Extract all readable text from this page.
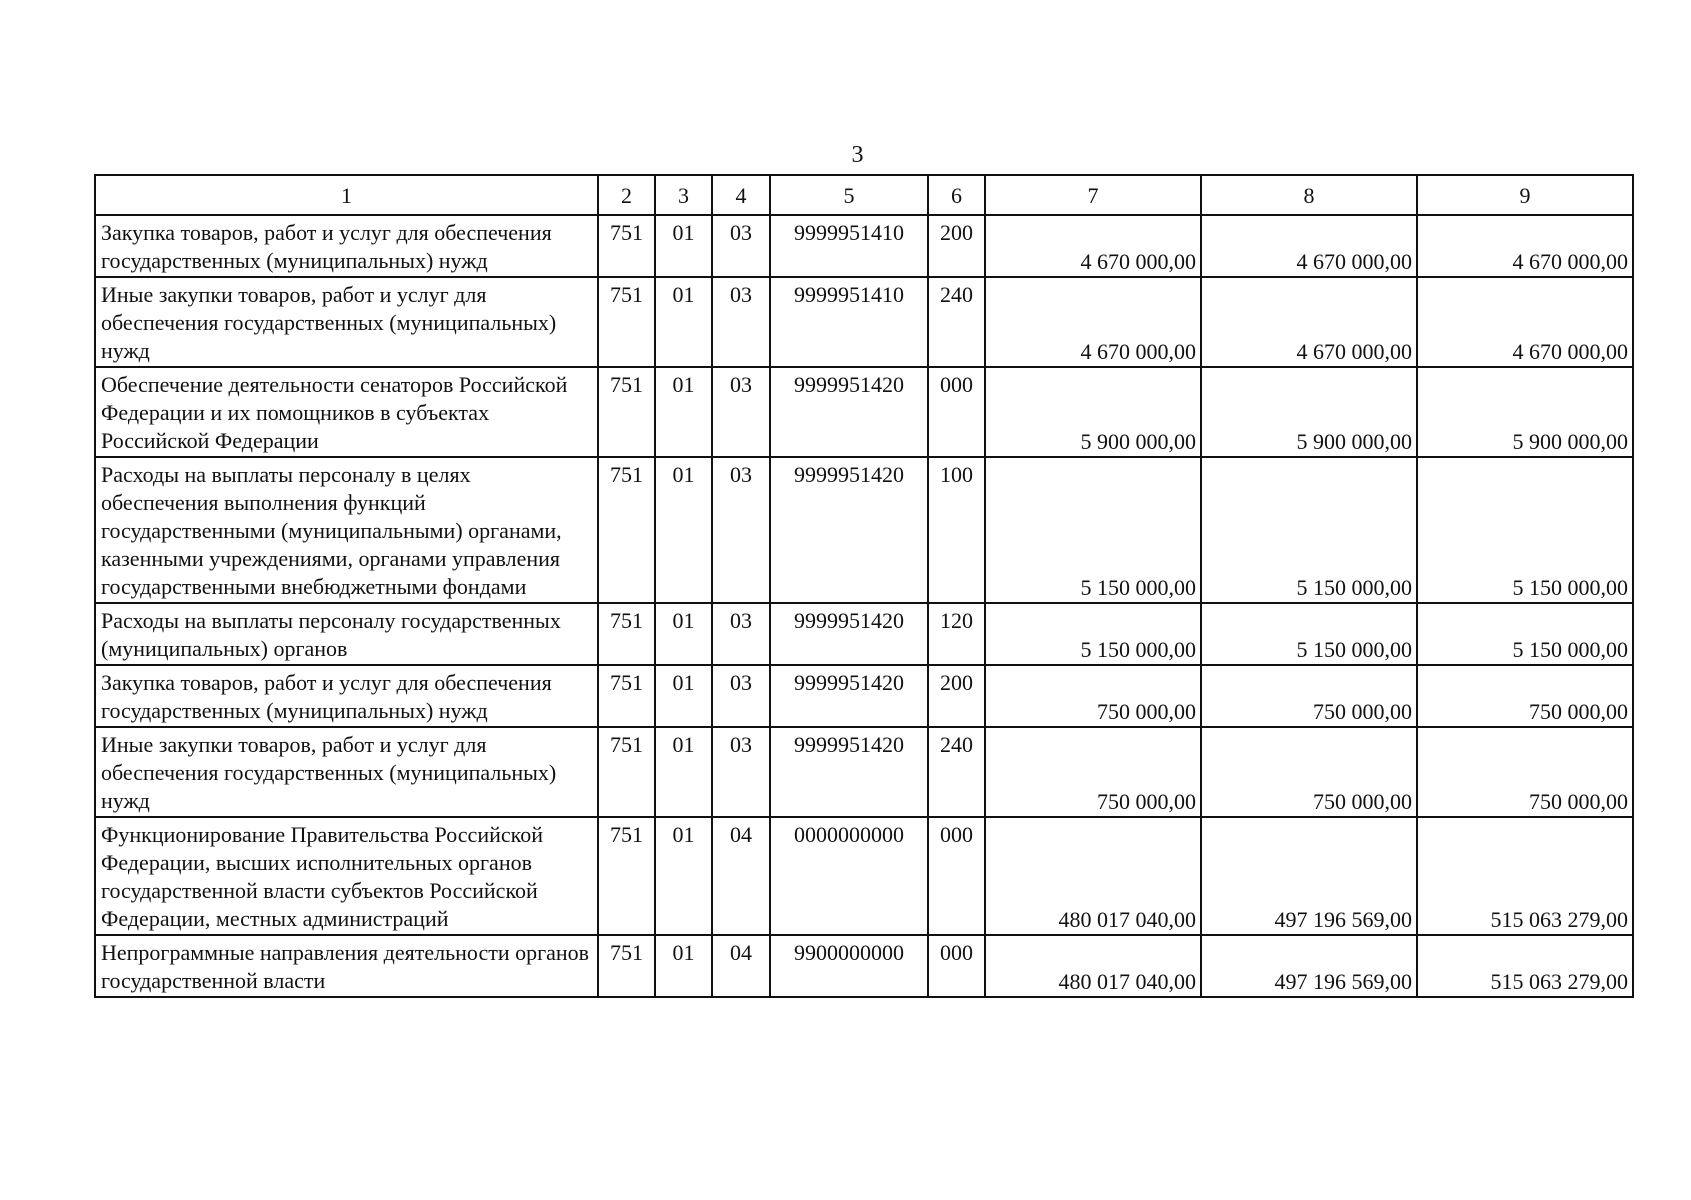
3
1	2	3	4	5	6	7	8	9
Закупка товаров, работ и услуг для обеспечения государственных (муниципальных) нужд	751	01	03	9999951410	200	4 670 000,00	4 670 000,00	4 670 000,00
Иные закупки товаров, работ и услуг для обеспечения государственных (муниципальных) нужд	751	01	03	9999951410	240	4 670 000,00	4 670 000,00	4 670 000,00
Обеспечение деятельности сенаторов Российской Федерации и их помощников в субъектах Российской Федерации	751	01	03	9999951420	000	5 900 000,00	5 900 000,00	5 900 000,00
Расходы на выплаты персоналу в целях обеспечения выполнения функций государственными (муниципальными) органами, казенными учреждениями, органами управления государственными внебюджетными фондами	751	01	03	9999951420	100	5 150 000,00	5 150 000,00	5 150 000,00
Расходы на выплаты персоналу государственных (муниципальных) органов	751	01	03	9999951420	120	5 150 000,00	5 150 000,00	5 150 000,00
Закупка товаров, работ и услуг для обеспечения государственных (муниципальных) нужд	751	01	03	9999951420	200	750 000,00	750 000,00	750 000,00
Иные закупки товаров, работ и услуг для обеспечения государственных (муниципальных) нужд	751	01	03	9999951420	240	750 000,00	750 000,00	750 000,00
Функционирование Правительства Российской Федерации, высших исполнительных органов государственной власти субъектов Российской Федерации, местных администраций	751	01	04	0000000000	000	480 017 040,00	497 196 569,00	515 063 279,00
Непрограммные направления деятельности органов государственной власти	751	01	04	9900000000	000	480 017 040,00	497 196 569,00	515 063 279,00
